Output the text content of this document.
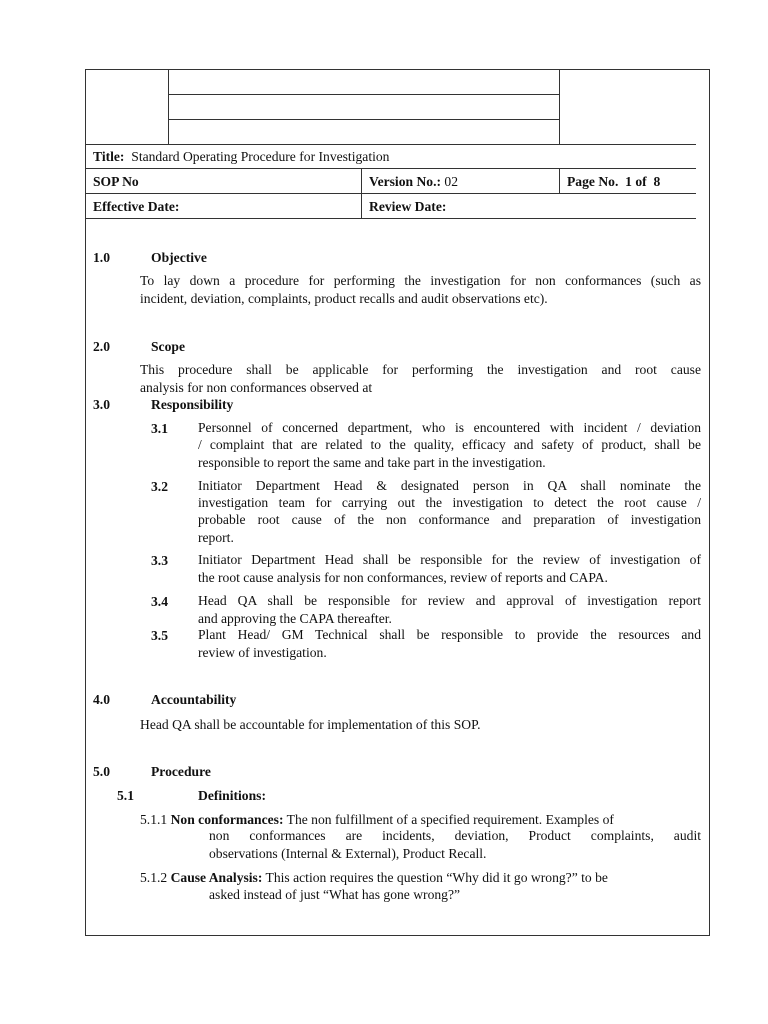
Title: Standard Operating Procedure for Investigation
SOP No	Version No.: 02	Page No. 1 of 8
Effective Date:	Review Date:
1.0	Objective
To lay down a procedure for performing the investigation for non conformances (such as
incident, deviation, complaints, product recalls and audit observations etc).
2.0	Scope
This procedure shall be applicable for performing the investigation and root cause
analysis for non conformances observed at
3.0	Responsibility
3.1 Personnel of concerned department, who is encountered with incident / deviation
/ complaint that are related to the quality, efficacy and safety of product, shall be
responsible to report the same and take part in the investigation.
3.2 Initiator Department Head & designated person in QA shall nominate the
investigation team for carrying out the investigation to detect the root cause /
probable root cause of the non conformance and preparation of investigation
report.
3.3 Initiator Department Head shall be responsible for the review of investigation of
the root cause analysis for non conformances, review of reports and CAPA.
3.4 Head QA shall be responsible for review and approval of investigation report
and approving the CAPA thereafter.
3.5 Plant Head/ GM Technical shall be responsible to provide the resources and
review of investigation.
4.0	Accountability
Head QA shall be accountable for implementation of this SOP.
5.0	Procedure
5.1	Definitions:
5.1.1 Non conformances: The non fulfillment of a specified requirement. Examples of
non conformances are incidents, deviation, Product complaints, audit
observations (Internal & External), Product Recall.
5.1.2 Cause Analysis: This action requires the question “Why did it go wrong?” to be
asked instead of just “What has gone wrong?”
